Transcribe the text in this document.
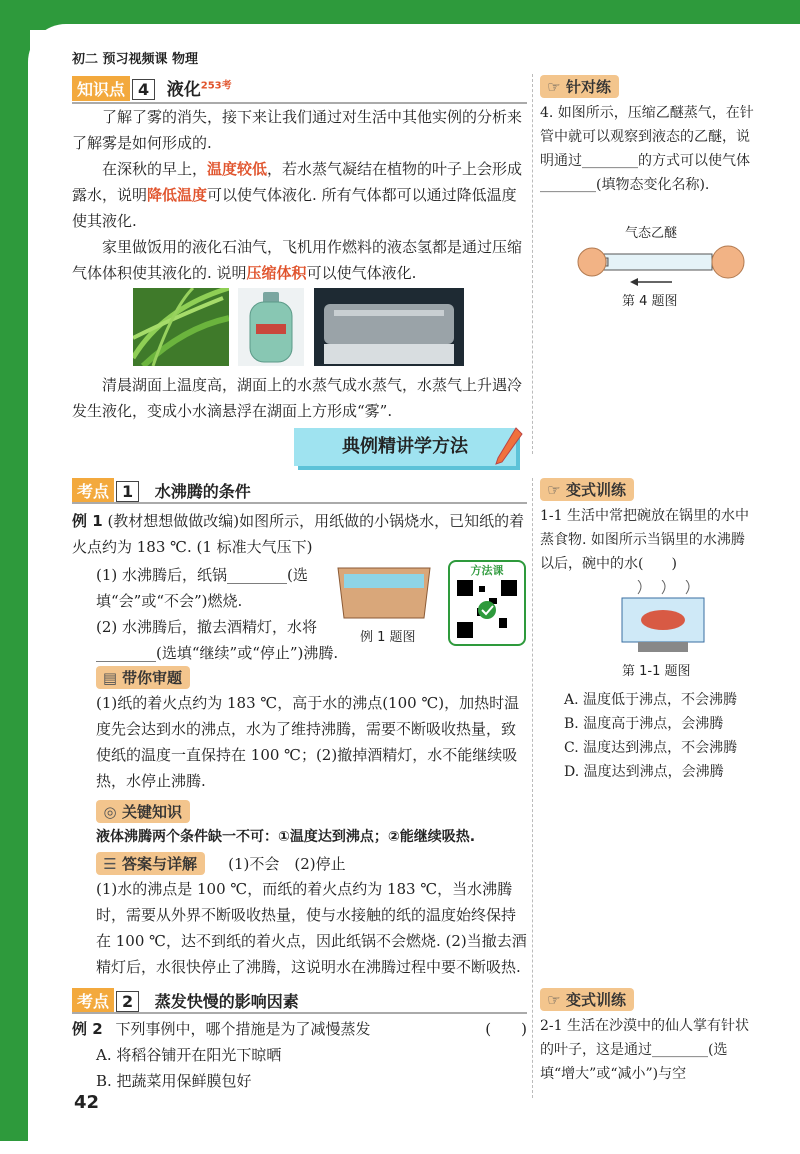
初二 预习视频课 物理
知识点 4 液化$^{253考}$
了解了雾的消失，接下来让我们通过对生活中其他实例的分析来了解雾是如何形成的.
在深秋的早上，温度较低，若水蒸气凝结在植物的叶子上会形成露水，说明降低温度可以使气体液化. 所有气体都可以通过降低温度使其液化.
家里做饭用的液化石油气，飞机用作燃料的液态氢都是通过压缩气体体积使其液化的. 说明压缩体积可以使气体液化.
清晨湖面上温度高，湖面上的水蒸气成水蒸气，水蒸气上升遇冷发生液化，变成小水滴悬浮在湖面上方形成“雾”.
☞ 针对练
4. 如图所示，压缩乙醚蒸气，在针管中就可以观察到液态的乙醚，说明通过________的方式可以使气体________(填物态变化名称).
气态乙醚
第 4 题图
典例精讲学方法
考点 1 水沸腾的条件
例 1 (教材想想做做改编)如图所示，用纸做的小锅烧水，已知纸的着火点约为 183 ℃. (1 标准大气压下)
(1) 水沸腾后，纸锅________(选填“会”或“不会”)燃烧.
(2) 水沸腾后，撤去酒精灯，水将________(选填“继续”或“停止”)沸腾.
例 1 题图
方法课
▤ 带你审题
(1)纸的着火点约为 183 ℃，高于水的沸点(100 ℃)，加热时温度先会达到水的沸点，水为了维持沸腾，需要不断吸收热量，致使纸的温度一直保持在 100 ℃；(2)撤掉酒精灯，水不能继续吸热，水停止沸腾.
◎ 关键知识
液体沸腾两个条件缺一不可：①温度达到沸点；②能继续吸热.
☰ 答案与详解 (1)不会　(2)停止
(1)水的沸点是 100 ℃，而纸的着火点约为 183 ℃，当水沸腾时，需要从外界不断吸收热量，使与水接触的纸的温度始终保持在 100 ℃，达不到纸的着火点，因此纸锅不会燃烧. (2)当撤去酒精灯后，水很快停止了沸腾，这说明水在沸腾过程中要不断吸热.
☞ 变式训练
1-1 生活中常把碗放在锅里的水中蒸食物. 如图所示当锅里的水沸腾以后，碗中的水(　　)
第 1-1 题图
A. 温度低于沸点，不会沸腾
B. 温度高于沸点，会沸腾
C. 温度达到沸点，不会沸腾
D. 温度达到沸点，会沸腾
考点 2 蒸发快慢的影响因素
例 2 下列事例中，哪个措施是为了减慢蒸发	(　　)
A. 将稻谷铺开在阳光下晾晒
B. 把蔬菜用保鲜膜包好
☞ 变式训练
2-1 生活在沙漠中的仙人掌有针状的叶子，这是通过________(选填“增大”或“减小”)与空
42
